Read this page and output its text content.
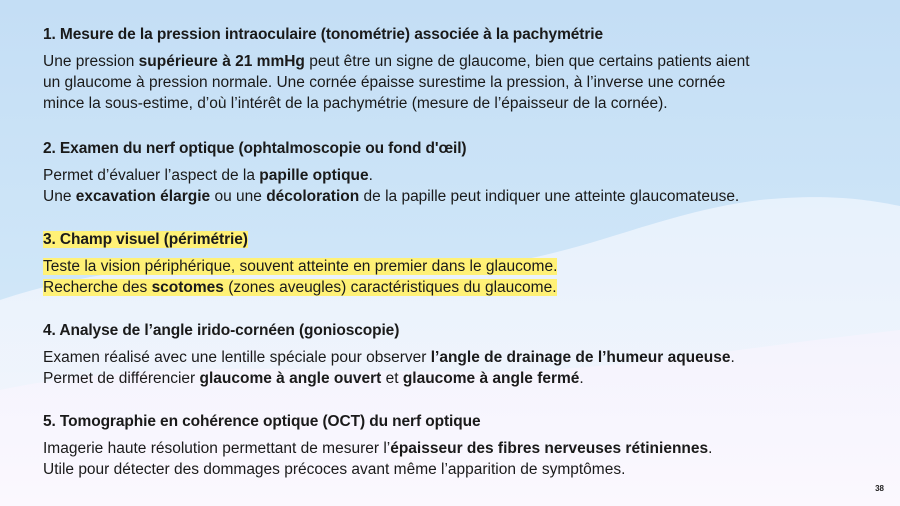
1. Mesure de la pression intraoculaire (tonométrie) associée à la pachymétrie

Une pression supérieure à 21 mmHg peut être un signe de glaucome, bien que certains patients aient

un glaucome à pression normale. Une cornée épaisse surestime la pression, à l’inverse une cornée

mince la sous-estime, d’où l’intérêt de la pachymétrie (mesure de l’épaisseur de la cornée).

2. Examen du nerf optique (ophtalmoscopie ou fond d'œil)

Permet d’évaluer l’aspect de la papille optique.

Une excavation élargie ou une décoloration de la papille peut indiquer une atteinte glaucomateuse.

3. Champ visuel (périmétrie)

Teste la vision périphérique, souvent atteinte en premier dans le glaucome.

Recherche des scotomes (zones aveugles) caractéristiques du glaucome.

4. Analyse de l’angle irido-cornéen (gonioscopie)

Examen réalisé avec une lentille spéciale pour observer l’angle de drainage de l’humeur aqueuse.

Permet de différencier glaucome à angle ouvert et glaucome à angle fermé.

5. Tomographie en cohérence optique (OCT) du nerf optique

Imagerie haute résolution permettant de mesurer l’épaisseur des fibres nerveuses rétiniennes.

Utile pour détecter des dommages précoces avant même l’apparition de symptômes.

38
